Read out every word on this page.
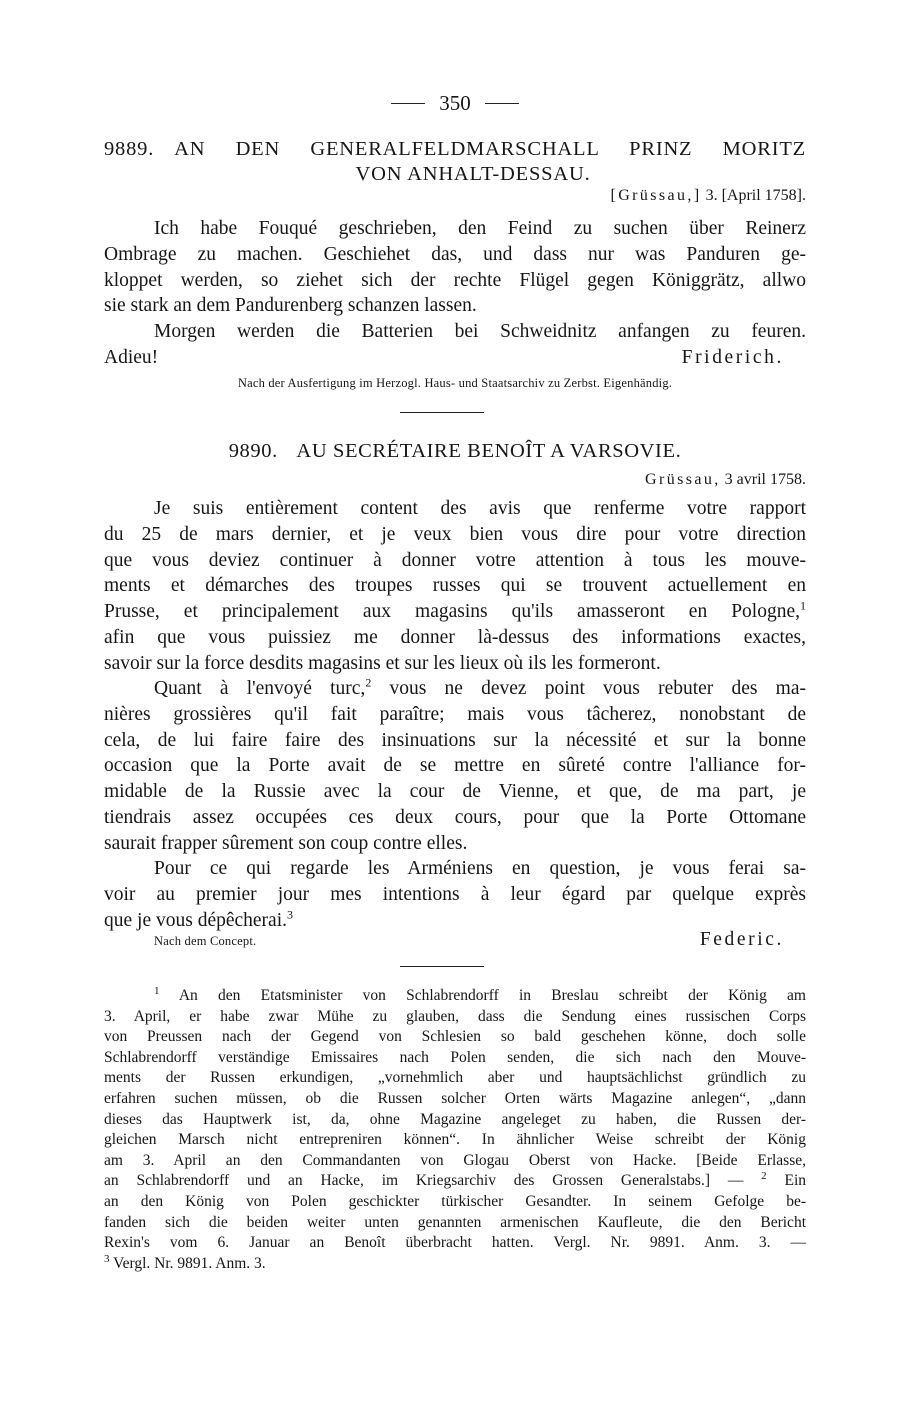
350
9889. AN DEN GENERALFELDMARSCHALL PRINZ MORITZ
VON ANHALT-DESSAU.
[Grüssau,] 3. [April 1758].
Ich habe Fouqué geschrieben, den Feind zu suchen über Reinerz
Ombrage zu machen. Geschiehet das, und dass nur was Panduren ge-
kloppet werden, so ziehet sich der rechte Flügel gegen Königgrätz, allwo
sie stark an dem Pandurenberg schanzen lassen.
Morgen werden die Batterien bei Schweidnitz anfangen zu feuren.
Adieu!	Friderich.
Nach der Ausfertigung im Herzogl. Haus- und Staatsarchiv zu Zerbst. Eigenhändig.
9890. AU SECRÉTAIRE BENOÎT A VARSOVIE.
Grüssau, 3 avril 1758.
Je suis entièrement content des avis que renferme votre rapport
du 25 de mars dernier, et je veux bien vous dire pour votre direction
que vous deviez continuer à donner votre attention à tous les mouve-
ments et démarches des troupes russes qui se trouvent actuellement en
Prusse, et principalement aux magasins qu'ils amasseront en Pologne,$^1$
afin que vous puissiez me donner là-dessus des informations exactes,
savoir sur la force desdits magasins et sur les lieux où ils les formeront.
Quant à l'envoyé turc,$^2$ vous ne devez point vous rebuter des ma-
nières grossières qu'il fait paraître; mais vous tâcherez, nonobstant de
cela, de lui faire faire des insinuations sur la nécessité et sur la bonne
occasion que la Porte avait de se mettre en sûreté contre l'alliance for-
midable de la Russie avec la cour de Vienne, et que, de ma part, je
tiendrais assez occupées ces deux cours, pour que la Porte Ottomane
saurait frapper sûrement son coup contre elles.
Pour ce qui regarde les Arméniens en question, je vous ferai sa-
voir au premier jour mes intentions à leur égard par quelque exprès
que je vous dépêcherai.$^3$
Nach dem Concept.	Federic.
$^1$ An den Etatsminister von Schlabrendorff in Breslau schreibt der König am
3. April, er habe zwar Mühe zu glauben, dass die Sendung eines russischen Corps
von Preussen nach der Gegend von Schlesien so bald geschehen könne, doch solle
Schlabrendorff verständige Emissaires nach Polen senden, die sich nach den Mouve-
ments der Russen erkundigen, „vornehmlich aber und hauptsächlichst gründlich zu
erfahren suchen müssen, ob die Russen solcher Orten wärts Magazine anlegen“, „dann
dieses das Hauptwerk ist, da, ohne Magazine angeleget zu haben, die Russen der-
gleichen Marsch nicht entrepreniren können“. In ähnlicher Weise schreibt der König
am 3. April an den Commandanten von Glogau Oberst von Hacke. [Beide Erlasse,
an Schlabrendorff und an Hacke, im Kriegsarchiv des Grossen Generalstabs.] — $^2$ Ein
an den König von Polen geschickter türkischer Gesandter. In seinem Gefolge be-
fanden sich die beiden weiter unten genannten armenischen Kaufleute, die den Bericht
Rexin's vom 6. Januar an Benoît überbracht hatten. Vergl. Nr. 9891. Anm. 3. —
$^3$ Vergl. Nr. 9891. Anm. 3.
